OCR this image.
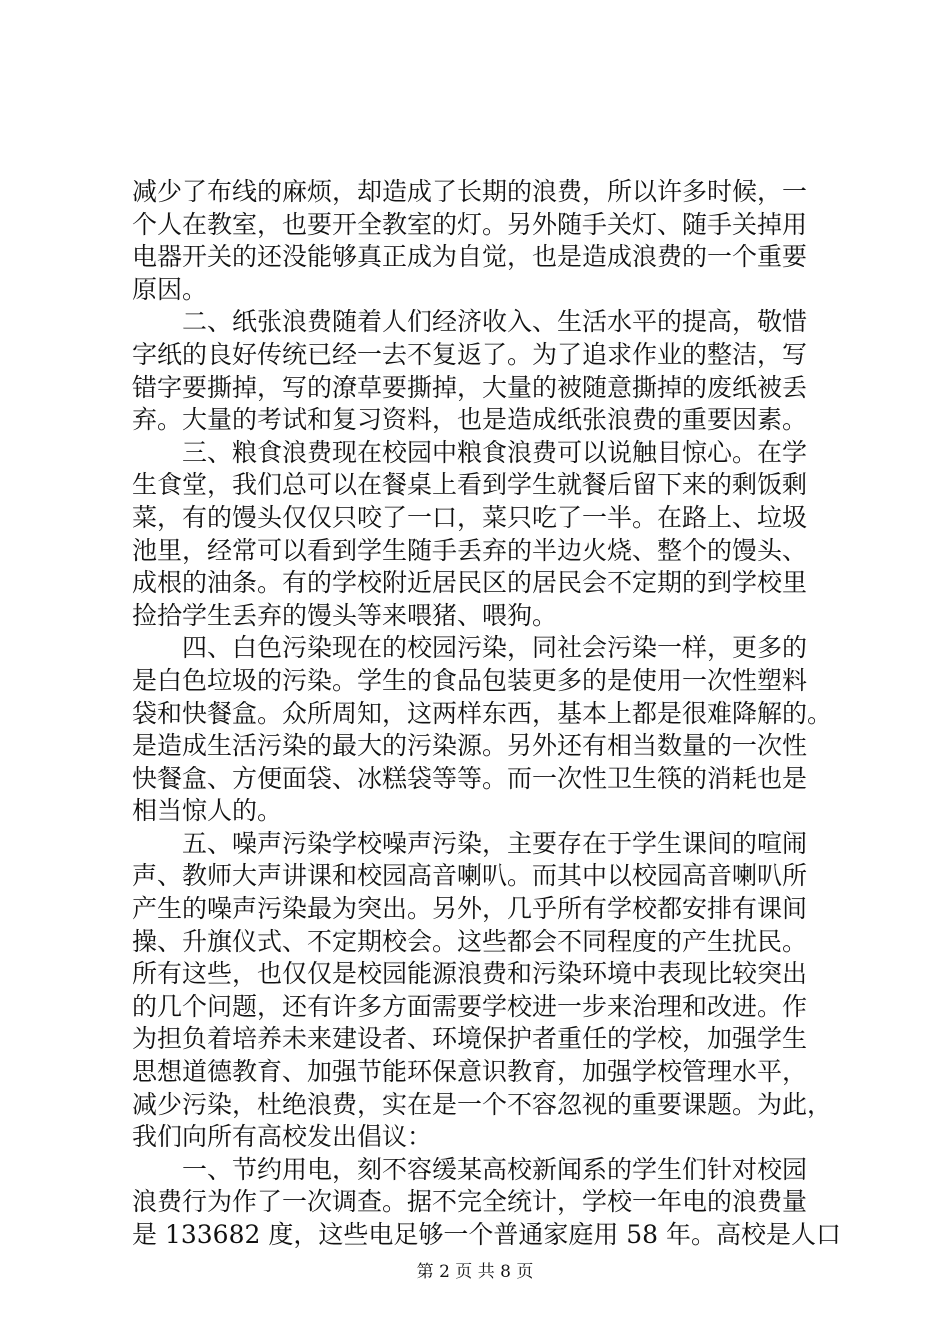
减少了布线的麻烦，却造成了长期的浪费，所以许多时候，一
个人在教室，也要开全教室的灯。另外随手关灯、随手关掉用
电器开关的还没能够真正成为自觉，也是造成浪费的一个重要
原因。
　　二、纸张浪费随着人们经济收入、生活水平的提高，敬惜
字纸的良好传统已经一去不复返了。为了追求作业的整洁，写
错字要撕掉，写的潦草要撕掉，大量的被随意撕掉的废纸被丢
弃。大量的考试和复习资料，也是造成纸张浪费的重要因素。
　　三、粮食浪费现在校园中粮食浪费可以说触目惊心。在学
生食堂，我们总可以在餐桌上看到学生就餐后留下来的剩饭剩
菜，有的馒头仅仅只咬了一口，菜只吃了一半。在路上、垃圾
池里，经常可以看到学生随手丢弃的半边火烧、整个的馒头、
成根的油条。有的学校附近居民区的居民会不定期的到学校里
捡拾学生丢弃的馒头等来喂猪、喂狗。
　　四、白色污染现在的校园污染，同社会污染一样，更多的
是白色垃圾的污染。学生的食品包装更多的是使用一次性塑料
袋和快餐盒。众所周知，这两样东西，基本上都是很难降解的。
是造成生活污染的最大的污染源。另外还有相当数量的一次性
快餐盒、方便面袋、冰糕袋等等。而一次性卫生筷的消耗也是
相当惊人的。
　　五、噪声污染学校噪声污染，主要存在于学生课间的喧闹
声、教师大声讲课和校园高音喇叭。而其中以校园高音喇叭所
产生的噪声污染最为突出。另外，几乎所有学校都安排有课间
操、升旗仪式、不定期校会。这些都会不同程度的产生扰民。
所有这些，也仅仅是校园能源浪费和污染环境中表现比较突出
的几个问题，还有许多方面需要学校进一步来治理和改进。作
为担负着培养未来建设者、环境保护者重任的学校，加强学生
思想道德教育、加强节能环保意识教育，加强学校管理水平，
减少污染，杜绝浪费，实在是一个不容忽视的重要课题。为此，
我们向所有高校发出倡议：
　　一、节约用电，刻不容缓某高校新闻系的学生们针对校园
浪费行为作了一次调查。据不完全统计，学校一年电的浪费量
是 133682 度，这些电足够一个普通家庭用 58 年。高校是人口
第 2 页 共 8 页
